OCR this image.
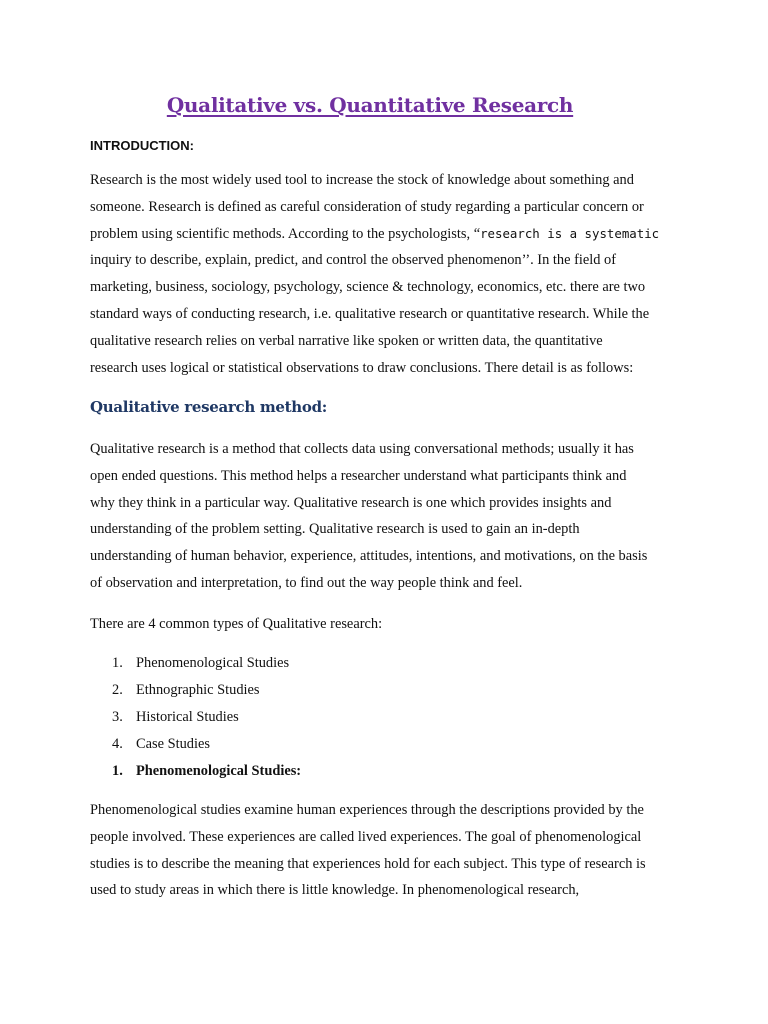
Qualitative vs. Quantitative Research
INTRODUCTION:
Research is the most widely used tool to increase the stock of knowledge about something and
someone. Research is defined as careful consideration of study regarding a particular concern or
problem using scientific methods. According to the psychologists, “research is a systematic
inquiry to describe, explain, predict, and control the observed phenomenon’’. In the field of
marketing, business, sociology, psychology, science & technology, economics, etc. there are two
standard ways of conducting research, i.e. qualitative research or quantitative research. While the
qualitative research relies on verbal narrative like spoken or written data, the quantitative
research uses logical or statistical observations to draw conclusions. There detail is as follows:
Qualitative research method:
Qualitative research is a method that collects data using conversational methods; usually it has
open ended questions. This method helps a researcher understand what participants think and
why they think in a particular way. Qualitative research is one which provides insights and
understanding of the problem setting. Qualitative research is used to gain an in-depth
understanding of human behavior, experience, attitudes, intentions, and motivations, on the basis
of observation and interpretation, to find out the way people think and feel.
There are 4 common types of Qualitative research:
1. Phenomenological Studies
2. Ethnographic Studies
3. Historical Studies
4. Case Studies
1. Phenomenological Studies:
Phenomenological studies examine human experiences through the descriptions provided by the
people involved. These experiences are called lived experiences. The goal of phenomenological
studies is to describe the meaning that experiences hold for each subject. This type of research is
used to study areas in which there is little knowledge. In phenomenological research,
